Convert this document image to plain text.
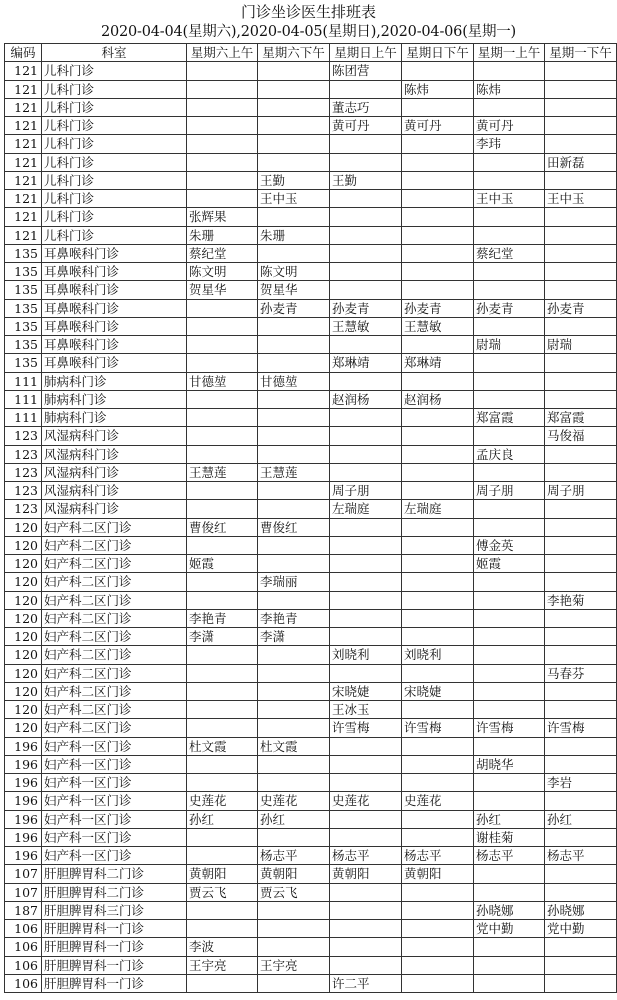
门诊坐诊医生排班表
2020-04-04(星期六),2020-04-05(星期日),2020-04-06(星期一)
编码	科室	星期六上午	星期六下午	星期日上午	星期日下午	星期一上午	星期一下午
121	儿科门诊			陈团营			
121	儿科门诊				陈炜	陈炜	
121	儿科门诊			董志巧			
121	儿科门诊			黄可丹	黄可丹	黄可丹	
121	儿科门诊					李玮	
121	儿科门诊						田新磊
121	儿科门诊		王勤	王勤			
121	儿科门诊		王中玉			王中玉	王中玉
121	儿科门诊	张辉果					
121	儿科门诊	朱珊	朱珊				
135	耳鼻喉科门诊	蔡纪堂				蔡纪堂	
135	耳鼻喉科门诊	陈文明	陈文明				
135	耳鼻喉科门诊	贺星华	贺星华				
135	耳鼻喉科门诊		孙麦青	孙麦青	孙麦青	孙麦青	孙麦青
135	耳鼻喉科门诊			王慧敏	王慧敏		
135	耳鼻喉科门诊					尉瑞	尉瑞
135	耳鼻喉科门诊			郑琳靖	郑琳靖		
111	肺病科门诊	甘德堃	甘德堃				
111	肺病科门诊			赵润杨	赵润杨		
111	肺病科门诊					郑富霞	郑富霞
123	风湿病科门诊						马俊福
123	风湿病科门诊					孟庆良	
123	风湿病科门诊	王慧莲	王慧莲				
123	风湿病科门诊			周子朋		周子朋	周子朋
123	风湿病科门诊			左瑞庭	左瑞庭		
120	妇产科二区门诊	曹俊红	曹俊红				
120	妇产科二区门诊					傅金英	
120	妇产科二区门诊	姬霞				姬霞	
120	妇产科二区门诊		李瑞丽				
120	妇产科二区门诊						李艳菊
120	妇产科二区门诊	李艳青	李艳青				
120	妇产科二区门诊	李潇	李潇				
120	妇产科二区门诊			刘晓利	刘晓利		
120	妇产科二区门诊						马春芬
120	妇产科二区门诊			宋晓婕	宋晓婕		
120	妇产科二区门诊			王冰玉			
120	妇产科二区门诊			许雪梅	许雪梅	许雪梅	许雪梅
196	妇产科一区门诊	杜文霞	杜文霞				
196	妇产科一区门诊					胡晓华	
196	妇产科一区门诊						李岩
196	妇产科一区门诊	史莲花	史莲花	史莲花	史莲花		
196	妇产科一区门诊	孙红	孙红			孙红	孙红
196	妇产科一区门诊					谢桂菊	
196	妇产科一区门诊		杨志平	杨志平	杨志平	杨志平	杨志平
107	肝胆脾胃科二门诊	黄朝阳	黄朝阳	黄朝阳	黄朝阳		
107	肝胆脾胃科二门诊	贾云飞	贾云飞				
187	肝胆脾胃科三门诊					孙晓娜	孙晓娜
106	肝胆脾胃科一门诊					党中勤	党中勤
106	肝胆脾胃科一门诊	李波					
106	肝胆脾胃科一门诊	王宇亮	王宇亮				
106	肝胆脾胃科一门诊			许二平			
